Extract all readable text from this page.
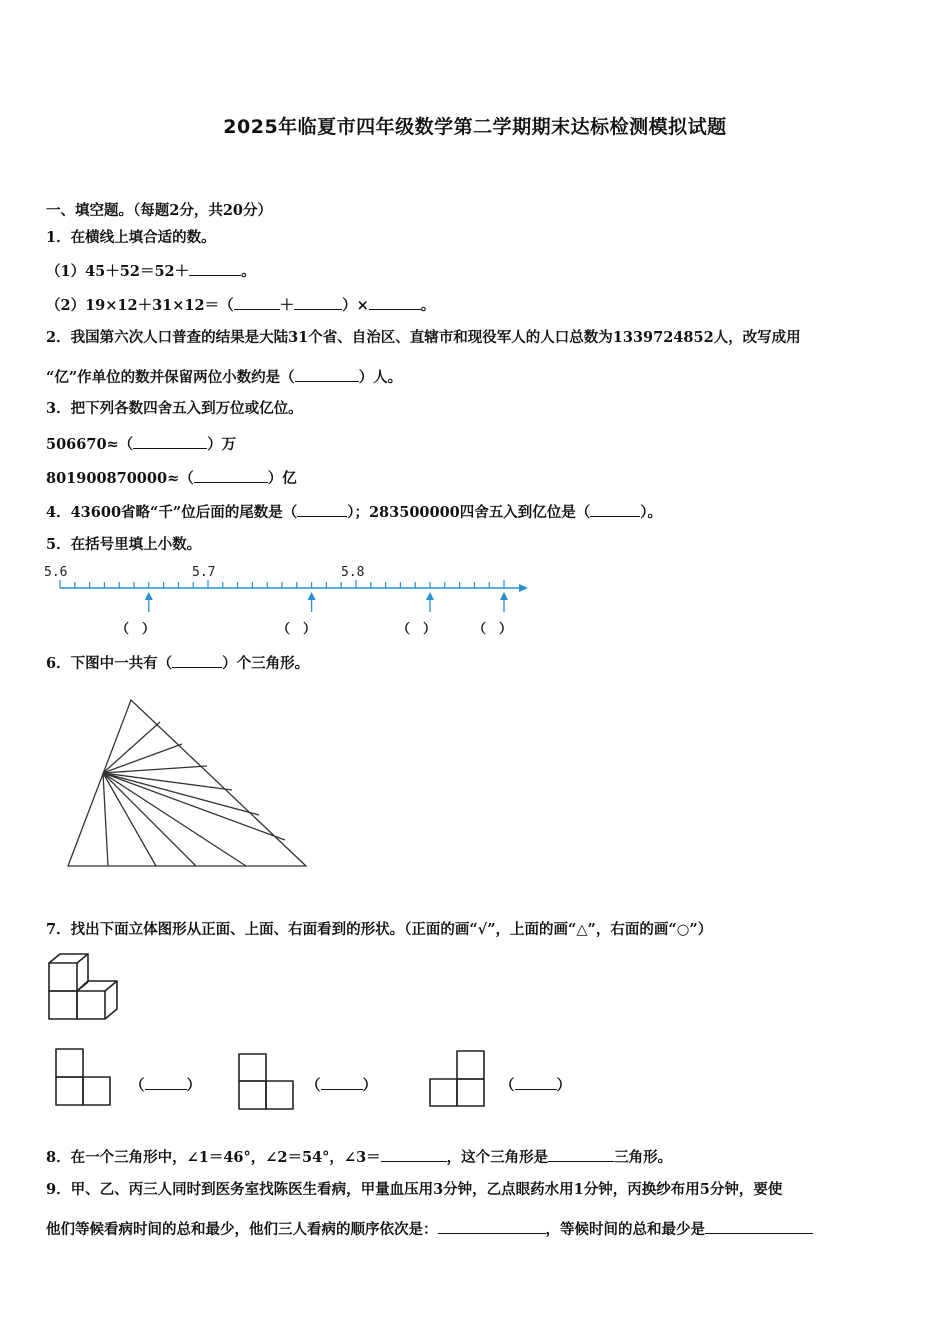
2025年临夏市四年级数学第二学期期末达标检测模拟试题
一、填空题。（每题2分，共20分）
1．在横线上填合适的数。
（1）45＋52＝52＋	。
（2）19×12＋31×12＝（	＋	）×	。
2．我国第六次人口普查的结果是大陆31个省、自治区、直辖市和现役军人的人口总数为1339724852人，改写成用
“亿”作单位的数并保留两位小数约是（	）人。
3．把下列各数四舍五入到万位或亿位。
506670≈（	）万
801900870000≈（	）亿
4．43600省略“千”位后面的尾数是（	）；283500000四舍五入到亿位是（	）。
5．在括号里填上小数。
5.6	5.7	5.8
（　）	（　）	（　）	（　）
6．下图中一共有（	）个三角形。
7．找出下面立体图形从正面、上面、右面看到的形状。（正面的画“√”，上面的画“△”，右面的画“○”）
（	）	（	）	（	）
8．在一个三角形中，∠1＝46°，∠2＝54°，∠3＝	，这个三角形是	三角形。
9．甲、乙、丙三人同时到医务室找陈医生看病，甲量血压用3分钟，乙点眼药水用1分钟，丙换纱布用5分钟，要使
他们等候看病时间的总和最少，他们三人看病的顺序依次是：	，等候时间的总和最少是
